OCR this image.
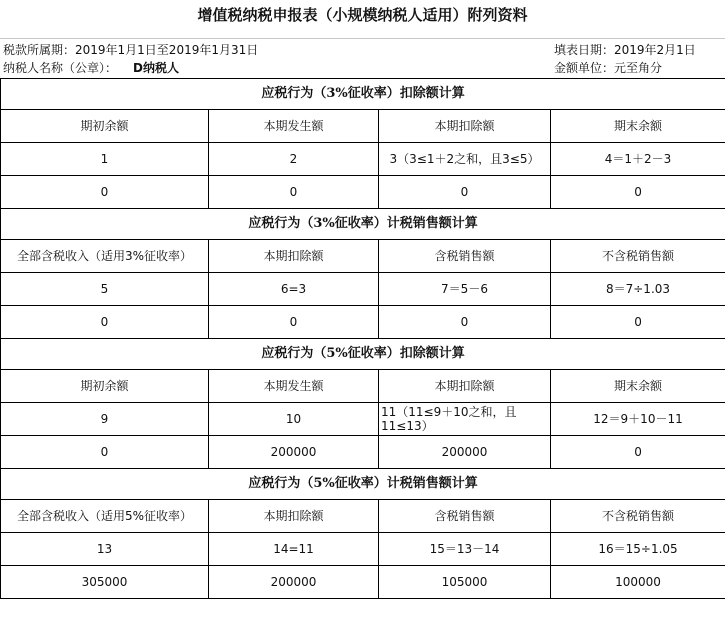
增值税纳税申报表（小规模纳税人适用）附列资料
税款所属期：2019年1月1日至2019年1月31日
纳税人名称（公章）： D纳税人
填表日期：2019年2月1日
金额单位：元至角分
应税行为（3%征收率）扣除额计算			
期初余额	本期发生额	本期扣除额	期末余额
1	2	3（3≤1＋2之和，且3≤5）	4＝1＋2－3
0	0	0	0
应税行为（3%征收率）计税销售额计算			
全部含税收入（适用3%征收率）	本期扣除额	含税销售额	不含税销售额
5	6=3	7＝5－6	8＝7÷1.03
0	0	0	0
应税行为（5%征收率）扣除额计算			
期初余额	本期发生额	本期扣除额	期末余额
9	10	11（11≤9＋10之和，且11≤13）	12＝9＋10－11
0	200000	200000	0
应税行为（5%征收率）计税销售额计算			
全部含税收入（适用5%征收率）	本期扣除额	含税销售额	不含税销售额
13	14=11	15＝13－14	16＝15÷1.05
305000	200000	105000	100000
